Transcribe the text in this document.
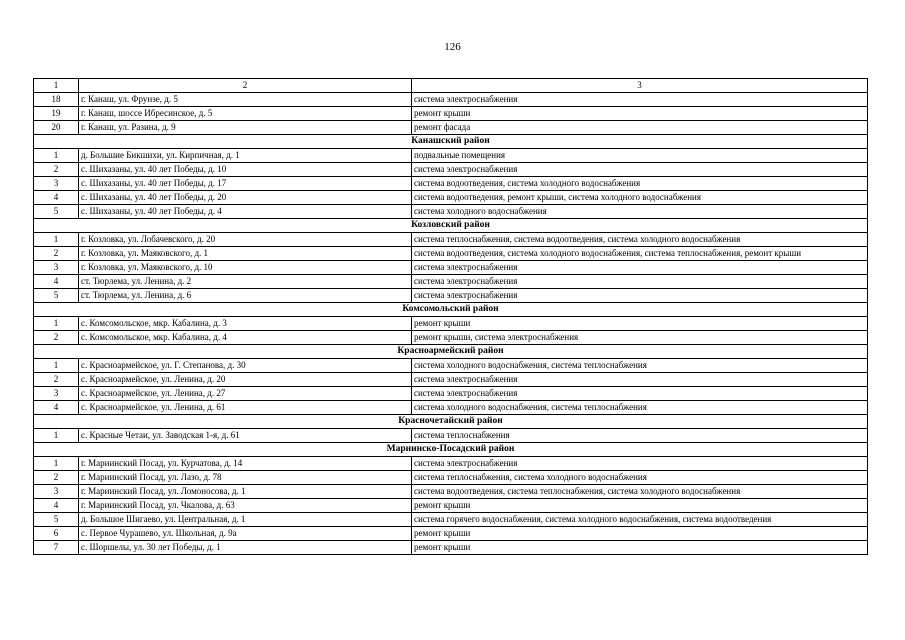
126
1	2	3
18	г. Канаш, ул. Фрунзе, д. 5	система электроснабжения
19	г. Канаш, шоссе Ибресинское, д. 5	ремонт крыши
20	г. Канаш, ул. Разина, д. 9	ремонт фасада
Канашский район		
1	д. Большие Бикшихи, ул. Кирпичная, д. 1	подвальные помещения
2	с. Шихазаны, ул. 40 лет Победы, д. 10	система электроснабжения
3	с. Шихазаны, ул. 40 лет Победы, д. 17	система водоотведения, система холодного водоснабжения
4	с. Шихазаны, ул. 40 лет Победы, д. 20	система водоотведения, ремонт крыши, система холодного водоснабжения
5	с. Шихазаны, ул. 40 лет Победы, д. 4	система холодного водоснабжения
Козловский район		
1	г. Козловка, ул. Лобачевского, д. 20	система теплоснабжения, система водоотведения, система холодного водоснабжения
2	г. Козловка, ул. Маяковского, д. 1	система водоотведения, система холодного водоснабжения, система теплоснабжения, ремонт крыши
3	г. Козловка, ул. Маяковского, д. 10	система электроснабжения
4	ст. Тюрлема, ул. Ленина, д. 2	система электроснабжения
5	ст. Тюрлема, ул. Ленина, д. 6	система электроснабжения
Комсомольский район		
1	с. Комсомольское, мкр. Кабалина, д. 3	ремонт крыши
2	с. Комсомольское, мкр. Кабалина, д. 4	ремонт крыши, система электроснабжения
Красноармейский район		
1	с. Красноармейское, ул. Г. Степанова, д. 30	система холодного водоснабжения, система теплоснабжения
2	с. Красноармейское, ул. Ленина, д. 20	система электроснабжения
3	с. Красноармейское, ул. Ленина, д. 27	система электроснабжения
4	с. Красноармейское, ул. Ленина, д. 61	система холодного водоснабжения, система теплоснабжения
Красночетайский район		
1	с. Красные Четаи, ул. Заводская 1-я, д. 61	система теплоснабжения
Мариинско-Посадский район		
1	г. Мариинский Посад, ул. Курчатова, д. 14	система электроснабжения
2	г. Мариинский Посад, ул. Лазо, д. 78	система теплоснабжения, система холодного водоснабжения
3	г. Мариинский Посад, ул. Ломоносова, д. 1	система водоотведения, система теплоснабжения, система холодного водоснабжения
4	г. Мариинский Посад, ул. Чкалова, д. 63	ремонт крыши
5	д. Большое Шигаево, ул. Центральная, д. 1	система горячего водоснабжения, система холодного водоснабжения, система водоотведения
6	с. Первое Чурашево, ул. Школьная, д. 9а	ремонт крыши
7	с. Шоршелы, ул. 30 лет Победы, д. 1	ремонт крыши
